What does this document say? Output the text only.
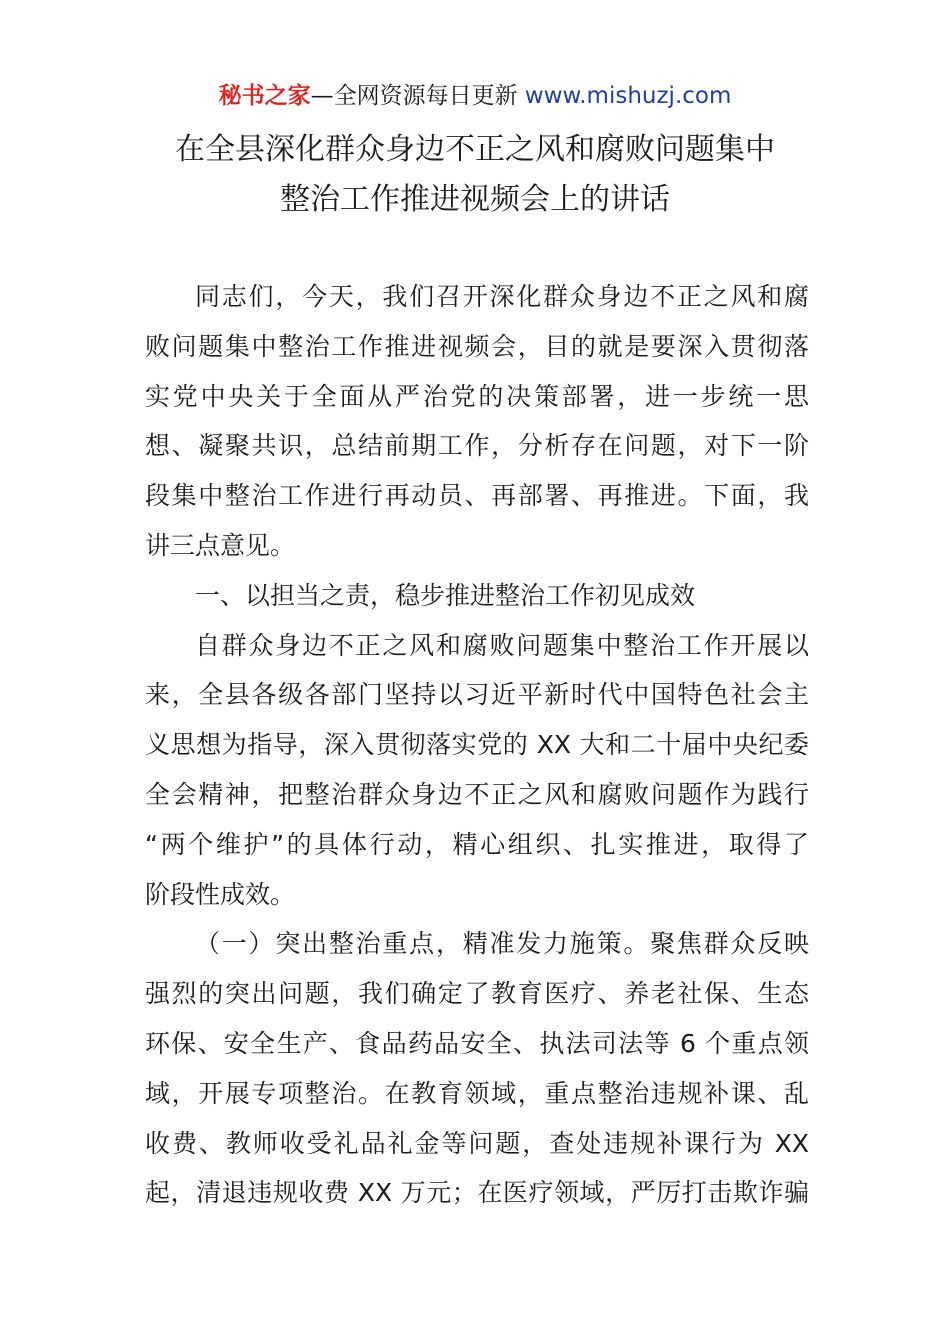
秘书之家—全网资源每日更新 www.mishuzj.com
在全县深化群众身边不正之风和腐败问题集中
整治工作推进视频会上的讲话
同志们，今天，我们召开深化群众身边不正之风和腐
败问题集中整治工作推进视频会，目的就是要深入贯彻落
实党中央关于全面从严治党的决策部署，进一步统一思
想、凝聚共识，总结前期工作，分析存在问题，对下一阶
段集中整治工作进行再动员、再部署、再推进。下面，我
讲三点意见。
一、以担当之责，稳步推进整治工作初见成效
自群众身边不正之风和腐败问题集中整治工作开展以
来，全县各级各部门坚持以习近平新时代中国特色社会主
义思想为指导，深入贯彻落实党的 XX 大和二十届中央纪委
全会精神，把整治群众身边不正之风和腐败问题作为践行
“两个维护”的具体行动，精心组织、扎实推进，取得了
阶段性成效。
（一）突出整治重点，精准发力施策。聚焦群众反映
强烈的突出问题，我们确定了教育医疗、养老社保、生态
环保、安全生产、食品药品安全、执法司法等 6 个重点领
域，开展专项整治。在教育领域，重点整治违规补课、乱
收费、教师收受礼品礼金等问题，查处违规补课行为 XX
起，清退违规收费 XX 万元；在医疗领域，严厉打击欺诈骗
